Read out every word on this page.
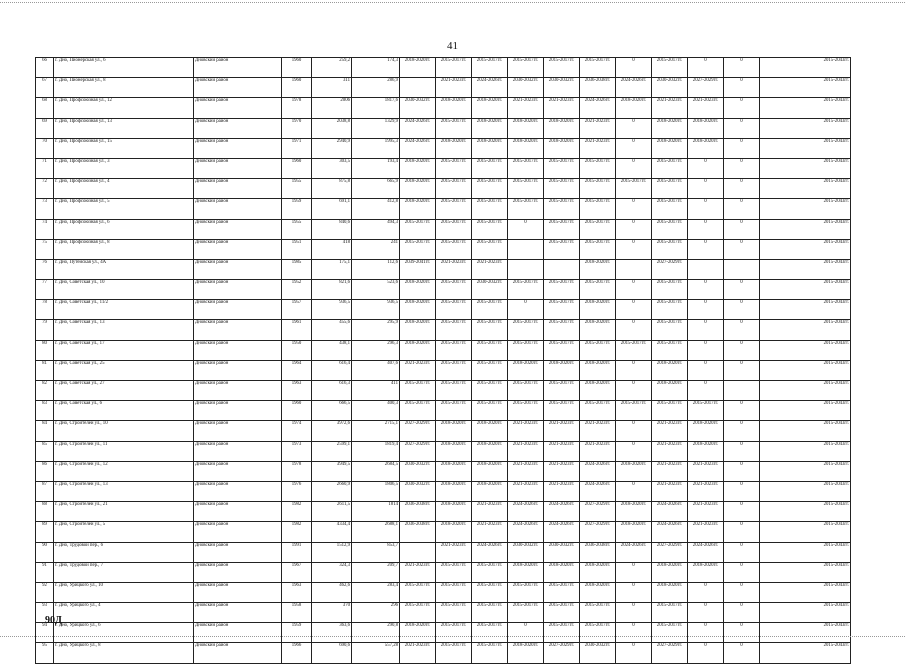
41
66	г. Дно, Пионерская ул., 6	Дновский район	1960	259,2	174,3	2018-2020гг.	2015-2017гг.	2015-2017гг.	2015-2017гг.	2015-2017гг.	2015-2017гг.	0	2015-2017гг.	0	0	2015-2043гг.
67	г. Дно, Пионерская ул., 8	Дновский район	1960	311	286,9		2021-2023гг.	2024-2026гг.	2030-2032гг.	2030-2032гг.	2036-2038гг.	2024-2026гг.	2030-2032гг.	2027-2029гг.	0	2015-2043гг.
68	г. Дно, Профсоюзная ул., 12	Дновский район	1978	2006	1817,6	2030-2032гг.	2018-2020гг.	2018-2020гг.	2021-2023гг.	2021-2023гг.	2024-2026гг.	2018-2020гг.	2021-2023гг.	2021-2023гг.	0	2015-2043гг.
69	г. Дно, Профсоюзная ул., 13	Дновский район	1970	2038,8	1329,9	2024-2026гг.	2015-2017гг.	2018-2020гг.	2018-2020гг.	2018-2020гг.	2021-2023гг.	0	2018-2020гг.	2018-2020гг.	0	2015-2043гг.
70	г. Дно, Профсоюзная ул., 15	Дновский район	1971	2940,9	1995,3	2024-2026гг.	2018-2020гг.	2018-2020гг.	2018-2020гг.	2018-2020гг.	2021-2023гг.	0	2018-2020гг.	2018-2020гг.	0	2015-2043гг.
71	г. Дно, Профсоюзная ул., 3	Дновский район	1960	303,5	193,4	2018-2020гг.	2015-2017гг.	2015-2017гг.	2015-2017гг.	2015-2017гг.	2015-2017гг.	0	2015-2017гг.	0	0	2015-2043гг.
72	г. Дно, Профсоюзная ул., 4	Дновский район	1955	875,8	665,9	2018-2020гг.	2015-2017гг.	2015-2017гг.	2015-2017гг.	2015-2017гг.	2015-2017гг.	2015-2017гг.	2015-2017гг.	0	0	2015-2043гг.
73	г. Дно, Профсоюзная ул., 5	Дновский район	1959	691,1	412,8	2018-2020гг.	2015-2017гг.	2015-2017гг.	2015-2017гг.	2015-2017гг.	2015-2017гг.	0	2015-2017гг.	0	0	2015-2043гг.
74	г. Дно, Профсоюзная ул., 6	Дновский район	1955	840,6	494,3	2015-2017гг.	2015-2017гг.	2015-2017гг.	0	2015-2017гг.	2015-2017гг.	0	2015-2017гг.	0	0	2015-2043гг.
75	г. Дно, Профсоюзная ул., 8	Дновский район	1951	418	241	2015-2017гг.	2015-2017гг.	2015-2017гг.		2015-2017гг.	2015-2017гг.	0	2015-2017гг.	0	0	2015-2043гг.
76	г. Дно, Путейская ул., 4А	Дновский район	1985	175,1	112,6	2039-2041гг.	2021-2023гг.	2021-2023гг.			2018-2020гг.		2027-2029гг.			2015-2043гг.
77	г. Дно, Советская ул., 10	Дновский район	1952	821,6	523,6	2018-2020гг.	2015-2017гг.	2030-2032гг.	2015-2017гг.	2015-2017гг.	2015-2017гг.	0	2015-2017гг.	0	0	2015-2043гг.
78	г. Дно, Советская ул., 11/2	Дновский район	1957	936,5	936,5	2018-2020гг.	2015-2017гг.	2015-2017гг.	0	2015-2017гг.	2018-2020гг.	0	2015-2017гг.	0	0	2015-2043гг.
79	г. Дно, Советская ул., 13	Дновский район	1961	455,6	295,9	2018-2020гг.	2015-2017гг.	2015-2017гг.	2015-2017гг.	2015-2017гг.	2018-2020гг.	0	2015-2017гг.	0	0	2015-2043гг.
80	г. Дно, Советская ул., 17	Дновский район	1950	438,1	296,3	2018-2020гг.	2015-2017гг.	2015-2017гг.	2015-2017гг.	2015-2017гг.	2015-2017гг.	2015-2017гг.	2015-2017гг.	0	0	2015-2043гг.
81	г. Дно, Советская ул., 25	Дновский район	1964	616,4	407,6	2021-2023гг.	2015-2017гг.	2015-2017гг.	2018-2020гг.	2018-2020гг.	2018-2020гг.	0	2018-2020гг.	0	0	2015-2043гг.
82	г. Дно, Советская ул., 27	Дновский район	1963	616,3	411	2015-2017гг.	2015-2017гг.	2015-2017гг.	2015-2017гг.	2015-2017гг.	2018-2020гг.	0	2018-2020гг.	0		2015-2043гг.
83	г. Дно, Советская ул., 6	Дновский район	1960	666,5	400,3	2015-2017гг.	2015-2017гг.	2015-2017гг.	2015-2017гг.	2015-2017гг.	2015-2017гг.	2015-2017гг.	2015-2017гг.	2015-2017гг.	0	2015-2043гг.
84	г. Дно, Строителей ул., 10	Дновский район	1974	3972,6	2715,1	2027-2029гг.	2018-2020гг.	2018-2020гг.	2021-2023гг.	2021-2023гг.	2021-2023гг.	0	2021-2023гг.	2018-2020гг.	0	2015-2043гг.
85	г. Дно, Строителей ул., 11	Дновский район	1973	2599,1	1819,4	2027-2029гг.	2018-2020гг.	2018-2020гг.	2021-2023гг.	2021-2023гг.	2021-2023гг.	0	2021-2023гг.	2018-2020гг.	0	2015-2043гг.
86	г. Дно, Строителей ул., 12	Дновский район	1978	3949,5	2684,5	2030-2032гг.	2018-2020гг.	2018-2020гг.	2021-2023гг.	2021-2023гг.	2024-2026гг.	2018-2020гг.	2021-2023гг.	2021-2023гг.	0	2015-2043гг.
87	г. Дно, Строителей ул., 13	Дновский район	1976	2660,9	1806,5	2030-2032гг.	2018-2020гг.	2018-2020гг.	2021-2023гг.	2021-2023гг.	2024-2026гг.	0	2021-2023гг.	2021-2023гг.	0	2015-2043гг.
88	г. Дно, Строителей ул., 21	Дновский район	1982	2611,5	1814	2036-2038гг.	2018-2020гг.	2021-2023гг.	2024-2026гг.	2024-2026гг.	2027-2029гг.	2018-2020гг.	2024-2026гг.	2021-2023гг.	0	2015-2043гг.
89	г. Дно, Строителей ул., 5	Дновский район	1982	4334,4	2688,1	2036-2038гг.	2018-2020гг.	2021-2023гг.	2024-2026гг.	2024-2026гг.	2027-2029гг.	2018-2020гг.	2024-2026гг.	2021-2023гг.	0	2015-2043гг.
90	г. Дно, Трудовой пер., 6	Дновский район	1991	1512,9	853,7		2021-2023гг.	2024-2026гг.	2030-2032гг.	2030-2032гг.	2036-2038гг.	2024-2026гг.	2027-2029гг.	2024-2026гг.	0	2015-2043гг.
91	г. Дно, Трудовой пер., 7	Дновский район	1967	324,3	209,7	2021-2023гг.	2015-2017гг.	2015-2017гг.	2018-2020гг.	2018-2020гг.	2018-2020гг.	0	2018-2020гг.	2018-2020гг.	0	2015-2043гг.
92	г. Дно, Урицкого ул., 10	Дновский район	1963	462,6	283,4	2015-2017гг.	2015-2017гг.	2015-2017гг.	2015-2017гг.	2015-2017гг.	2018-2020гг.	0	2018-2020гг.	0	0	2015-2043гг.
93	г. Дно, Урицкого ул., 4	Дновский район	1958	370	296	2015-2017гг.	2015-2017гг.	2015-2017гг.	2015-2017гг.	2015-2017гг.	2015-2017гг.	0	2015-2017гг.	0	0	2015-2043гг.
94	г. Дно, Урицкого ул., 6	Дновский район	1959	363,6	290,8	2018-2020гг.	2015-2017гг.	2015-2017гг.	0	2015-2017гг.	2015-2017гг.	0	2015-2017гг.	0	0	2015-2043гг.
95	г. Дно, Урицкого ул., 8	Дновский район	1966	690,6	557,28	2021-2023гг.	2015-2017гг.	2015-2017гг.	2018-2020гг.	2027-2029гг.	2030-2032гг.	0	2027-2029гг.	0	0	2015-2043гг.
90Д
